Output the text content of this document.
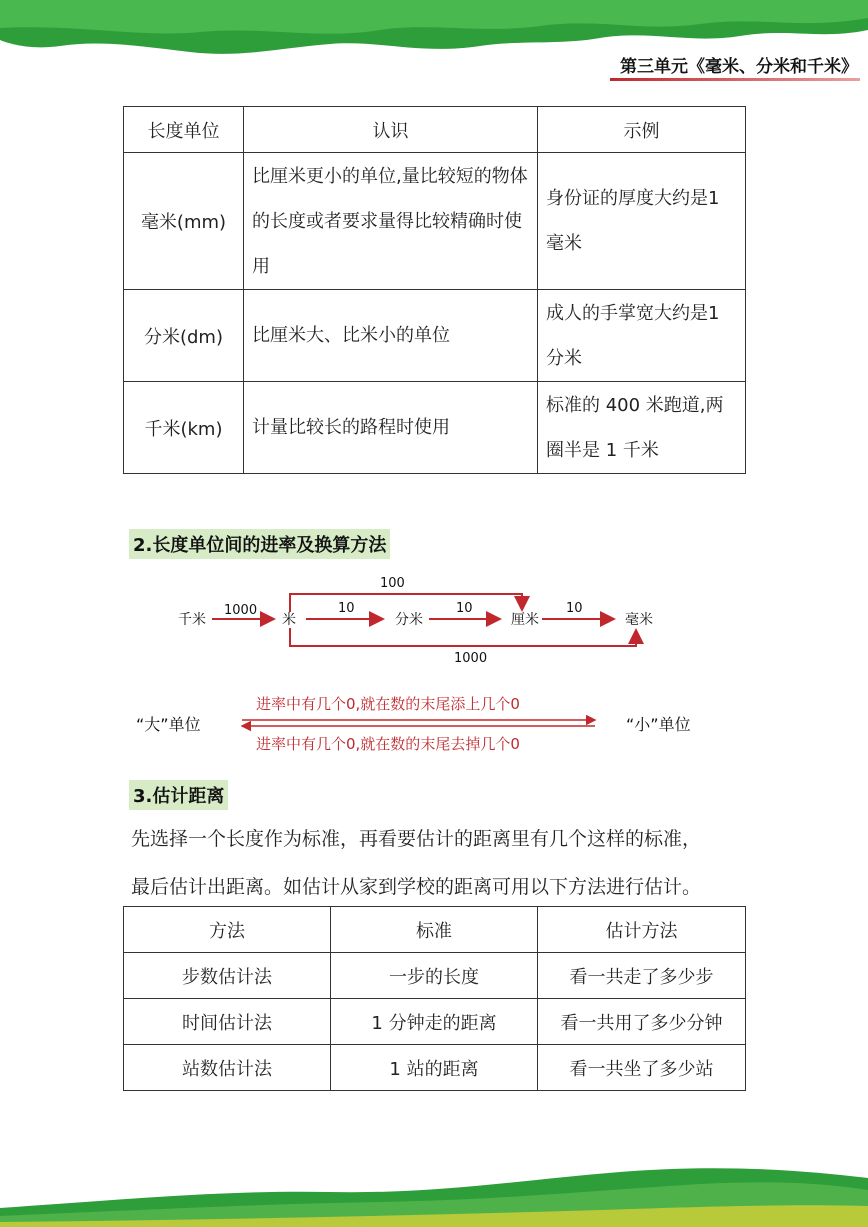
第三单元《毫米、分米和千米》
长度单位	认识	示例
毫米(mm)	比厘米更小的单位,量比较短的物体的长度或者要求量得比较精确时使用	身份证的厚度大约是1 毫米
分米(dm)	比厘米大、比米小的单位	成人的手掌宽大约是1 分米
千米(km)	计量比较长的路程时使用	标准的 400 米跑道,两圈半是 1 千米
2.长度单位间的进率及换算方法
千米	米	分米	厘米	毫米
1000	10	10	10
100
1000
“大”单位	“小”单位
进率中有几个0,就在数的末尾添上几个0
进率中有几个0,就在数的末尾去掉几个0
3.估计距离
先选择一个长度作为标准，再看要估计的距离里有几个这样的标准，
最后估计出距离。如估计从家到学校的距离可用以下方法进行估计。
方法	标准	估计方法
步数估计法	一步的长度	看一共走了多少步
时间估计法	1 分钟走的距离	看一共用了多少分钟
站数估计法	1 站的距离	看一共坐了多少站
